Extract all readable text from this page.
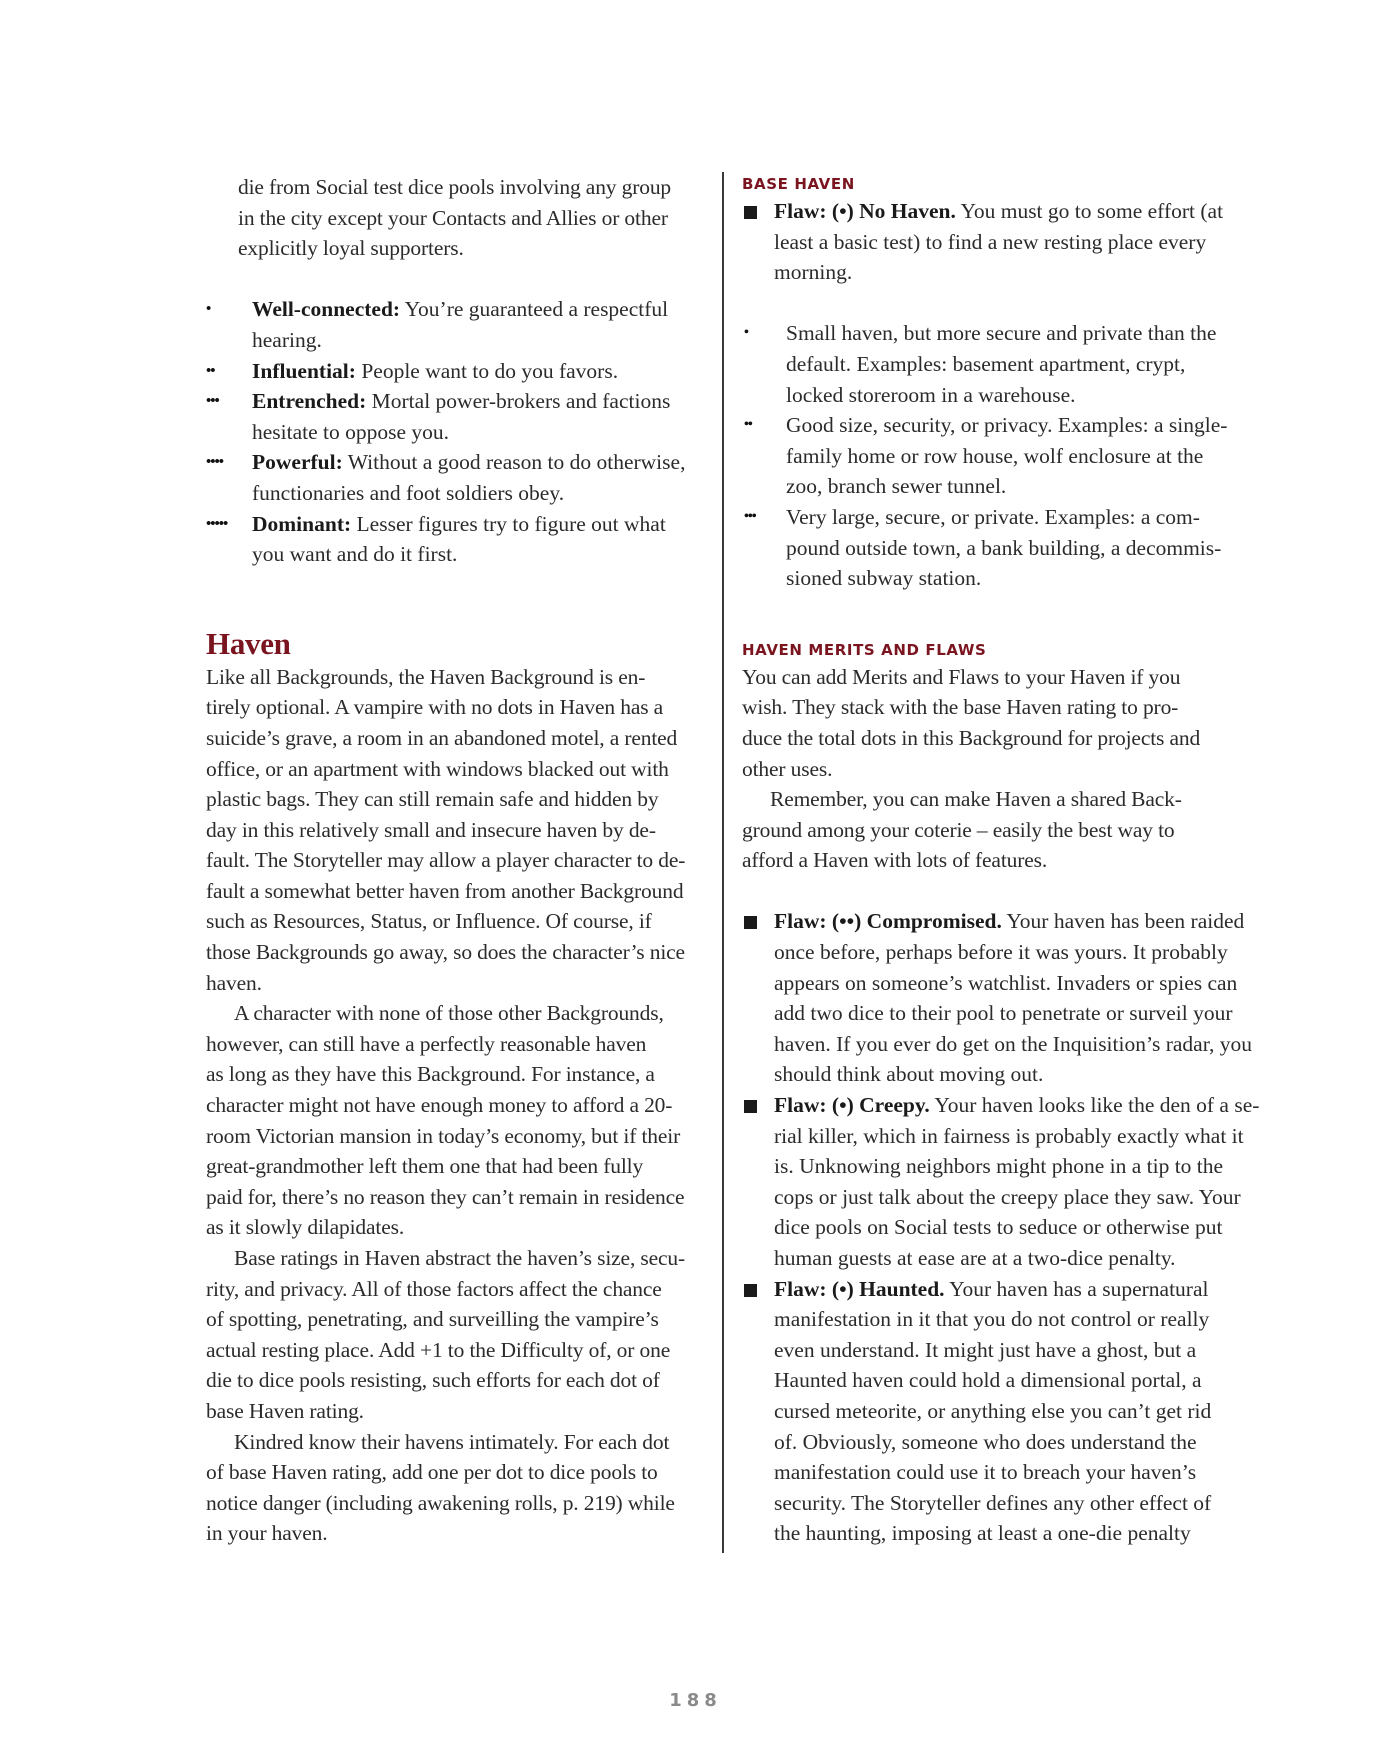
die from Social test dice pools involving any group
in the city except your Contacts and Allies or other
explicitly loyal supporters.
•	Well-connected: You’re guaranteed a respectful
hearing.
••	Influential: People want to do you favors.
•••	Entrenched: Mortal power-brokers and factions
hesitate to oppose you.
••••	Powerful: Without a good reason to do otherwise,
functionaries and foot soldiers obey.
•••••	Dominant: Lesser figures try to figure out what
you want and do it first.
Haven
Like all Backgrounds, the Haven Background is en-
tirely optional. A vampire with no dots in Haven has a
suicide’s grave, a room in an abandoned motel, a rented
office, or an apartment with windows blacked out with
plastic bags. They can still remain safe and hidden by
day in this relatively small and insecure haven by de-
fault. The Storyteller may allow a player character to de-
fault a somewhat better haven from another Background
such as Resources, Status, or Influence. Of course, if
those Backgrounds go away, so does the character’s nice
haven.
A character with none of those other Backgrounds,
however, can still have a perfectly reasonable haven
as long as they have this Background. For instance, a
character might not have enough money to afford a 20-
room Victorian mansion in today’s economy, but if their
great-grandmother left them one that had been fully
paid for, there’s no reason they can’t remain in residence
as it slowly dilapidates.
Base ratings in Haven abstract the haven’s size, secu-
rity, and privacy. All of those factors affect the chance
of spotting, penetrating, and surveilling the vampire’s
actual resting place. Add +1 to the Difficulty of, or one
die to dice pools resisting, such efforts for each dot of
base Haven rating.
Kindred know their havens intimately. For each dot
of base Haven rating, add one per dot to dice pools to
notice danger (including awakening rolls, p. 219) while
in your haven.
BASE HAVEN
Flaw: (•) No Haven. You must go to some effort (at
least a basic test) to find a new resting place every
morning.
•	Small haven, but more secure and private than the
default. Examples: basement apartment, crypt,
locked storeroom in a warehouse.
••	Good size, security, or privacy. Examples: a single-
family home or row house, wolf enclosure at the
zoo, branch sewer tunnel.
•••	Very large, secure, or private. Examples: a com-
pound outside town, a bank building, a decommis-
sioned subway station.
HAVEN MERITS AND FLAWS
You can add Merits and Flaws to your Haven if you
wish. They stack with the base Haven rating to pro-
duce the total dots in this Background for projects and
other uses.
Remember, you can make Haven a shared Back-
ground among your coterie – easily the best way to
afford a Haven with lots of features.
Flaw: (••) Compromised. Your haven has been raided
once before, perhaps before it was yours. It probably
appears on someone’s watchlist. Invaders or spies can
add two dice to their pool to penetrate or surveil your
haven. If you ever do get on the Inquisition’s radar, you
should think about moving out.
Flaw: (•) Creepy. Your haven looks like the den of a se-
rial killer, which in fairness is probably exactly what it
is. Unknowing neighbors might phone in a tip to the
cops or just talk about the creepy place they saw. Your
dice pools on Social tests to seduce or otherwise put
human guests at ease are at a two-dice penalty.
Flaw: (•) Haunted. Your haven has a supernatural
manifestation in it that you do not control or really
even understand. It might just have a ghost, but a
Haunted haven could hold a dimensional portal, a
cursed meteorite, or anything else you can’t get rid
of. Obviously, someone who does understand the
manifestation could use it to breach your haven’s
security. The Storyteller defines any other effect of
the haunting, imposing at least a one-die penalty
188
